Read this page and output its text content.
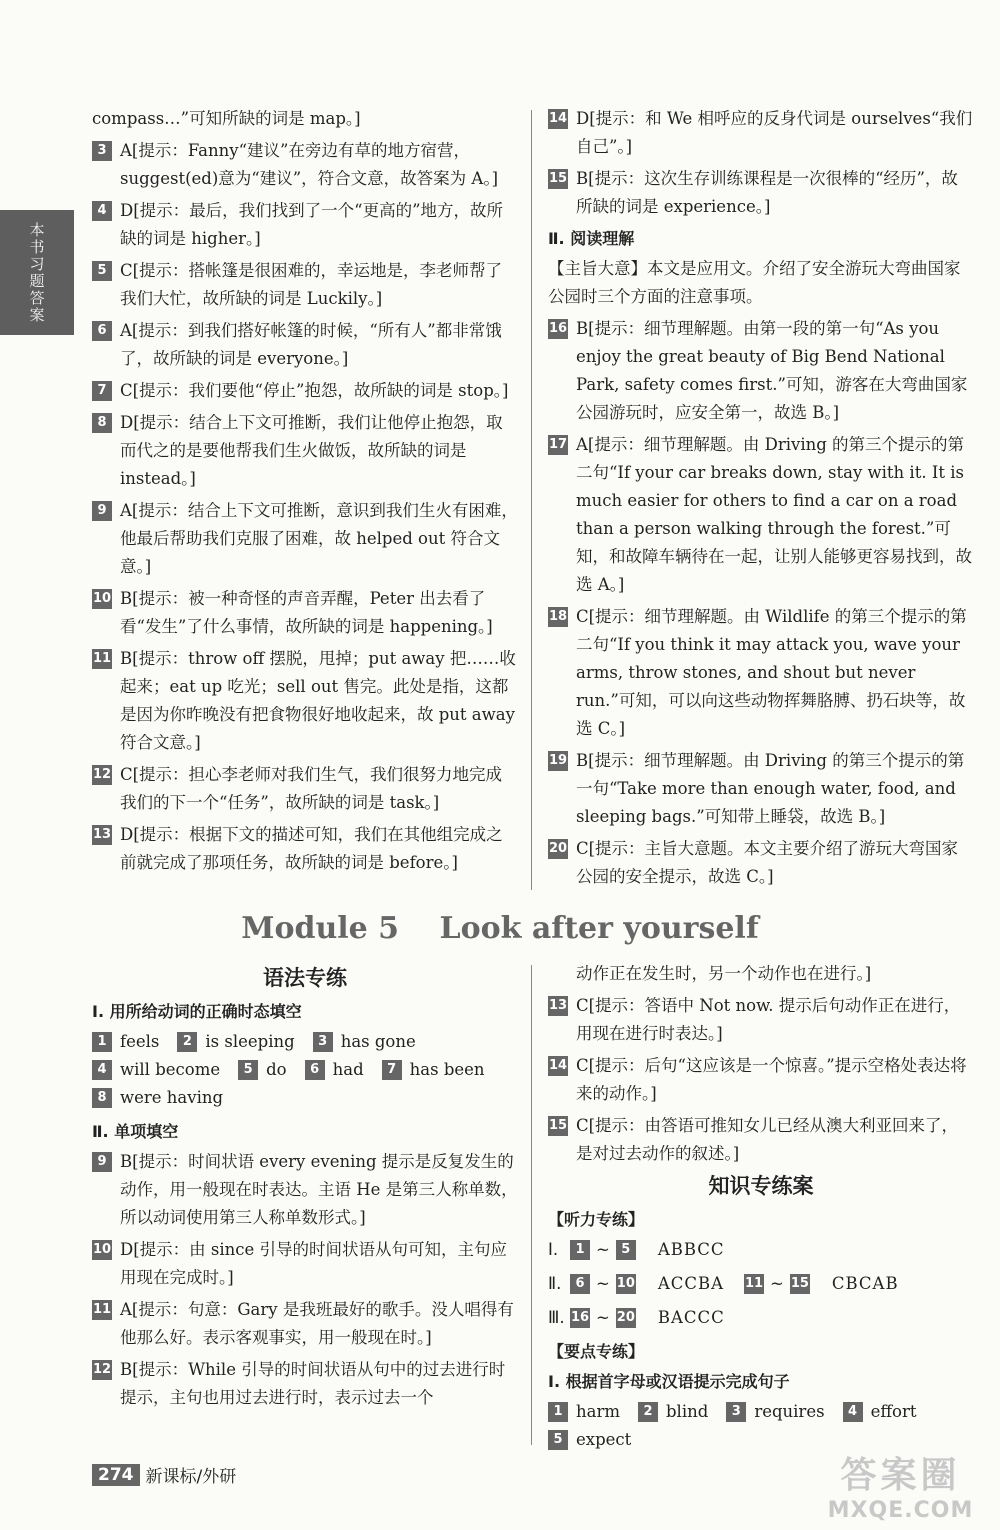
本书习题答案
compass…”可知所缺的词是 map。]
3 A[提示：Fanny“建议”在旁边有草的地方宿营，suggest(ed)意为“建议”，符合文意，故答案为 A。]
4 D[提示：最后，我们找到了一个“更高的”地方，故所缺的词是 higher。]
5 C[提示：搭帐篷是很困难的，幸运地是，李老师帮了我们大忙，故所缺的词是 Luckily。]
6 A[提示：到我们搭好帐篷的时候，“所有人”都非常饿了，故所缺的词是 everyone。]
7 C[提示：我们要他“停止”抱怨，故所缺的词是 stop。]
8 D[提示：结合上下文可推断，我们让他停止抱怨，取而代之的是要他帮我们生火做饭，故所缺的词是 instead。]
9 A[提示：结合上下文可推断，意识到我们生火有困难，他最后帮助我们克服了困难，故 helped out 符合文意。]
10 B[提示：被一种奇怪的声音弄醒，Peter 出去看了看“发生”了什么事情，故所缺的词是 happening。]
11 B[提示：throw off 摆脱，甩掉；put away 把……收起来；eat up 吃光；sell out 售完。此处是指，这都是因为你昨晚没有把食物很好地收起来，故 put away 符合文意。]
12 C[提示：担心李老师对我们生气，我们很努力地完成我们的下一个“任务”，故所缺的词是 task。]
13 D[提示：根据下文的描述可知，我们在其他组完成之前就完成了那项任务，故所缺的词是 before。]
14 D[提示：和 We 相呼应的反身代词是 ourselves“我们自己”。]
15 B[提示：这次生存训练课程是一次很棒的“经历”，故所缺的词是 experience。]
Ⅱ. 阅读理解
【主旨大意】本文是应用文。介绍了安全游玩大弯曲国家公园时三个方面的注意事项。
16 B[提示：细节理解题。由第一段的第一句“As you enjoy the great beauty of Big Bend National Park, safety comes first.”可知，游客在大弯曲国家公园游玩时，应安全第一，故选 B。]
17 A[提示：细节理解题。由 Driving 的第三个提示的第二句“If your car breaks down, stay with it. It is much easier for others to find a car on a road than a person walking through the forest.”可知，和故障车辆待在一起，让别人能够更容易找到，故选 A。]
18 C[提示：细节理解题。由 Wildlife 的第三个提示的第二句“If you think it may attack you, wave your arms, throw stones, and shout but never run.”可知，可以向这些动物挥舞胳膊、扔石块等，故选 C。]
19 B[提示：细节理解题。由 Driving 的第三个提示的第一句“Take more than enough water, food, and sleeping bags.”可知带上睡袋，故选 B。]
20 C[提示：主旨大意题。本文主要介绍了游玩大弯国家公园的安全提示，故选 C。]
Module 5 　Look after yourself
语法专练
Ⅰ. 用所给动词的正确时态填空
1 feels	2 is sleeping	3 has gone
4 will become	5 do	6 had	7 has been
8 were having
Ⅱ. 单项填空
9 B[提示：时间状语 every evening 提示是反复发生的动作，用一般现在时表达。主语 He 是第三人称单数，所以动词使用第三人称单数形式。]
10 D[提示：由 since 引导的时间状语从句可知，主句应用现在完成时。]
11 A[提示：句意：Gary 是我班最好的歌手。没人唱得有他那么好。表示客观事实，用一般现在时。]
12 B[提示：While 引导的时间状语从句中的过去进行时提示，主句也用过去进行时，表示过去一个
动作正在发生时，另一个动作也在进行。]
13 C[提示：答语中 Not now. 提示后句动作正在进行，用现在进行时表达。]
14 C[提示：后句“这应该是一个惊喜。”提示空格处表达将来的动作。]
15 C[提示：由答语可推知女儿已经从澳大利亚回来了，是对过去动作的叙述。]
知识专练案
【听力专练】
Ⅰ.	1 ~ 5	ABBCC
Ⅱ.	6 ~ 10 ACCBA 11 ~ 15 CBCAB
Ⅲ. 16 ~ 20 BACCC
【要点专练】
Ⅰ. 根据首字母或汉语提示完成句子
1 harm	2 blind	3 requires	4 effort
5 expect
274 新课标/外研	答案圈
MXQE.COM
